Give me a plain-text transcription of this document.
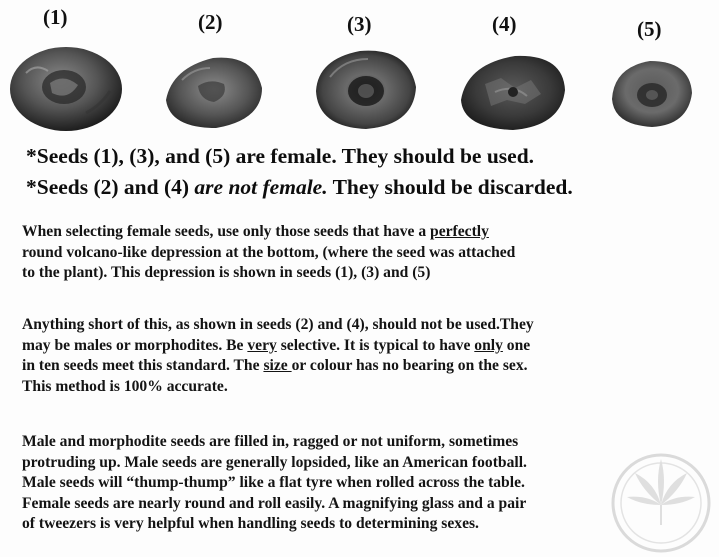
(1)	(2)	(3)	(4)	(5)
*Seeds (1), (3), and (5) are female. They should be used.
*Seeds (2) and (4) are not female. They should be discarded.
When selecting female seeds, use only those seeds that have a perfectly
round volcano-like depression at the bottom, (where the seed was attached
to the plant). This depression is shown in seeds (1), (3) and (5)
Anything short of this, as shown in seeds (2) and (4), should not be used.They
may be males or morphodites. Be very selective. It is typical to have only one
in ten seeds meet this standard. The size or colour has no bearing on the sex.
This method is 100% accurate.
Male and morphodite seeds are filled in, ragged or not uniform, sometimes
protruding up. Male seeds are generally lopsided, like an American football.
Male seeds will “thump-thump” like a flat tyre when rolled across the table.
Female seeds are nearly round and roll easily. A magnifying glass and a pair
of tweezers is very helpful when handling seeds to determining sexes.
